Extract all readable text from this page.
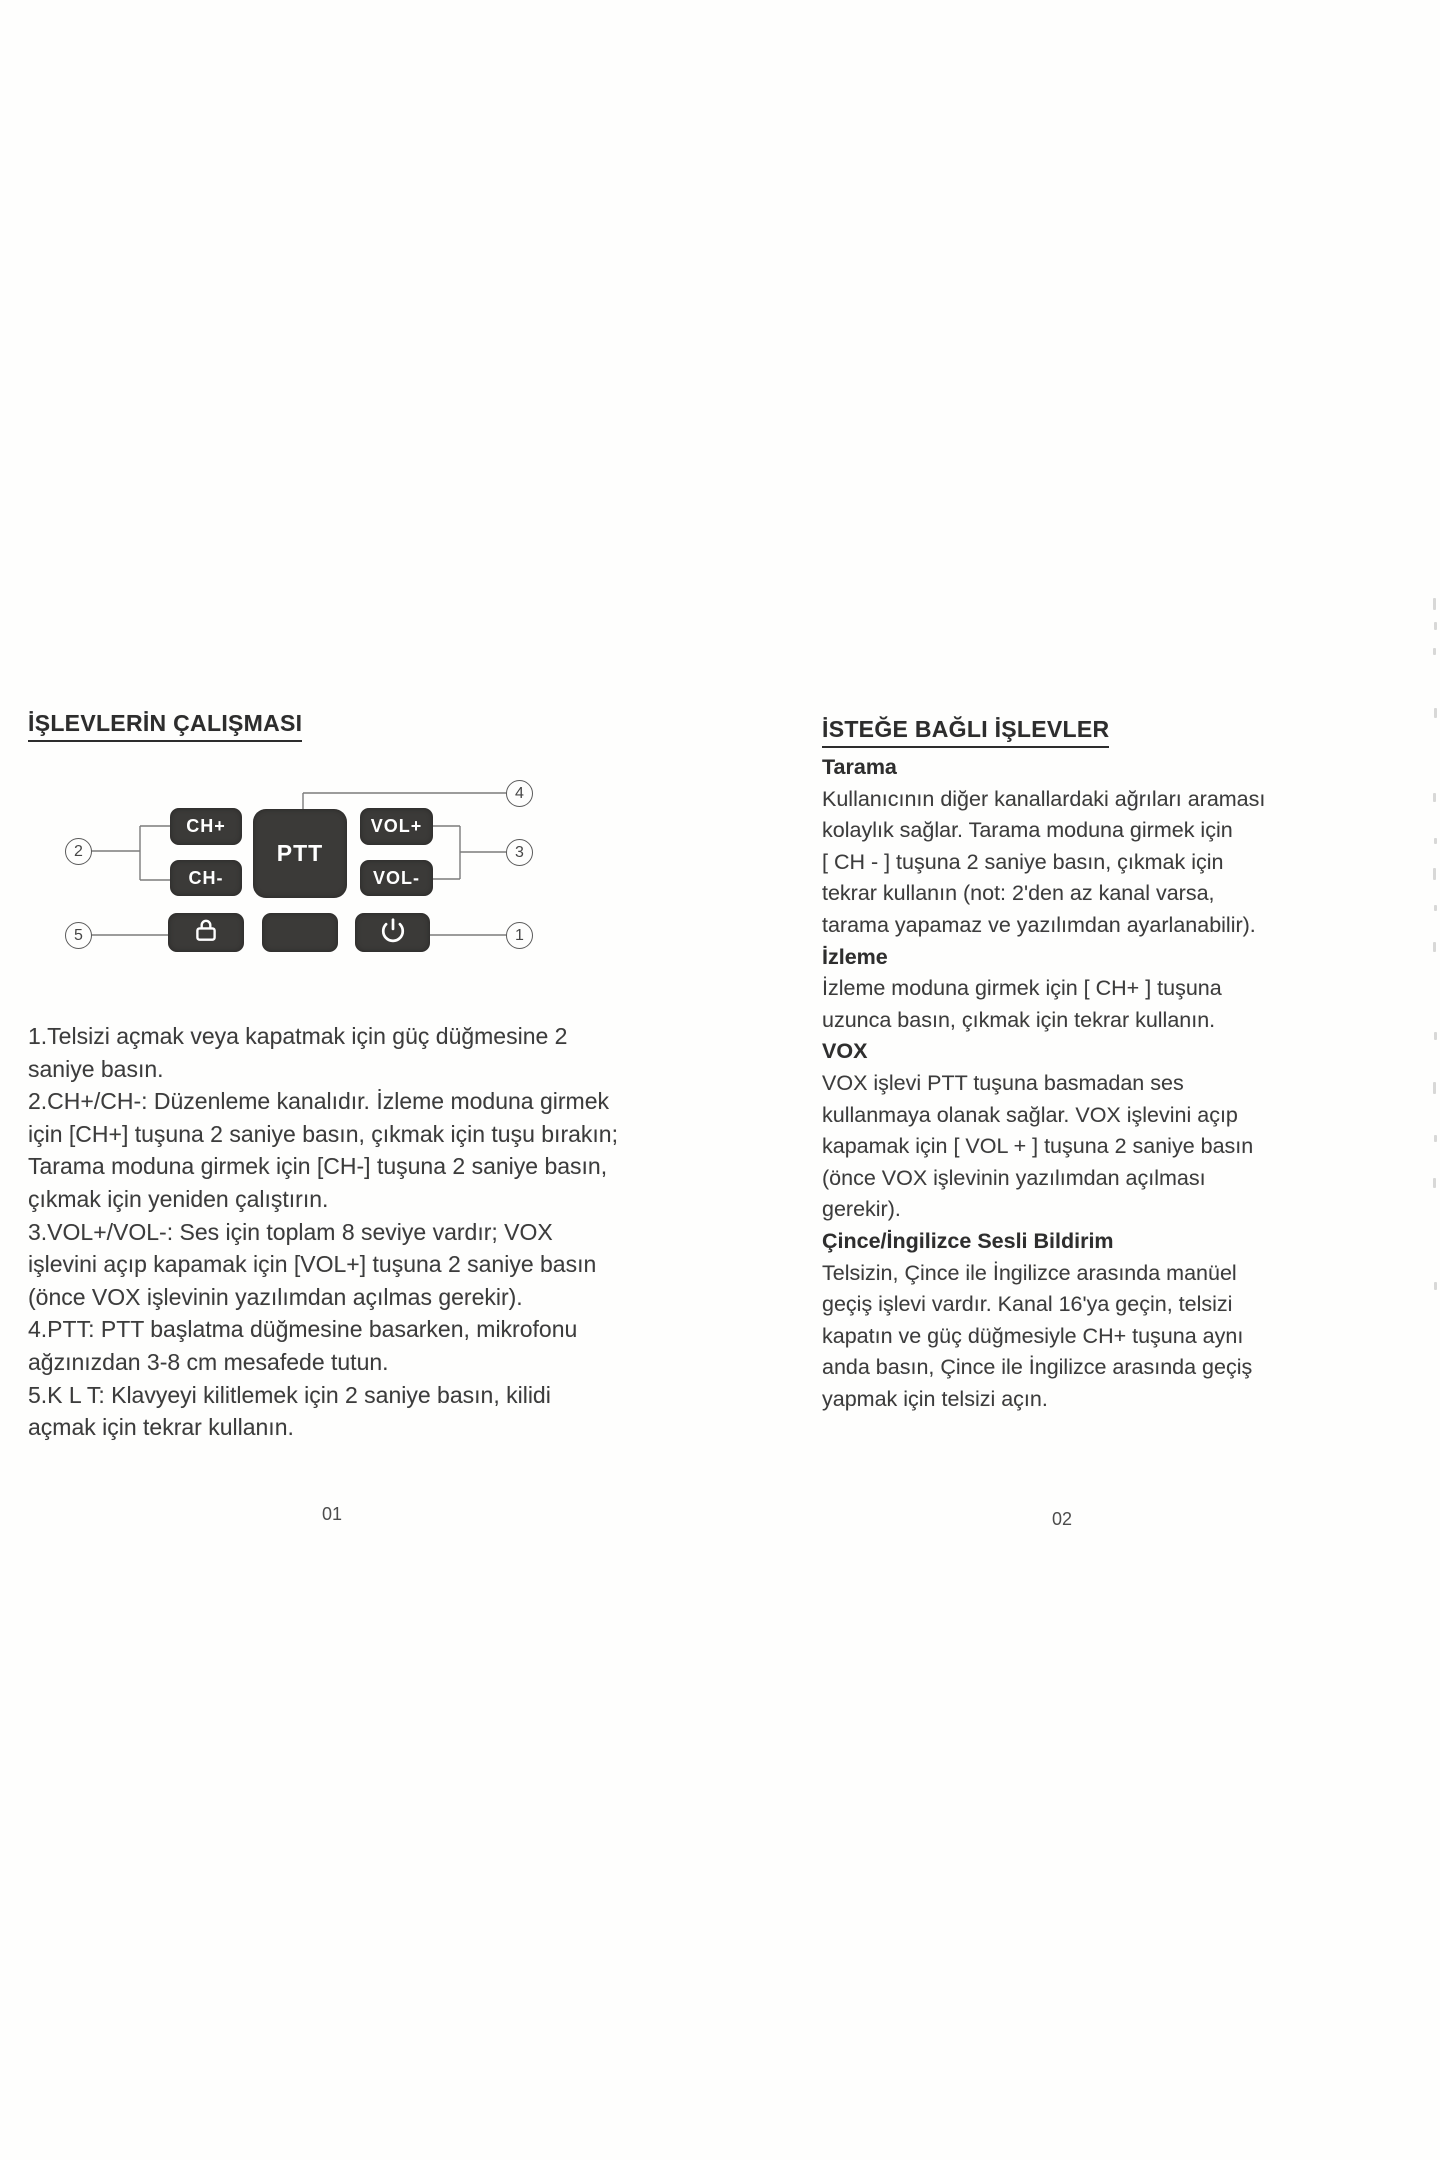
İŞLEVLERİN ÇALIŞMASI
CH+
PTT
VOL+
CH-	VOL-
2
4
3
5	1
1.Telsizi açmak veya kapatmak için güç düğmesine 2
saniye basın.
2.CH+/CH-: Düzenleme kanalıdır. İzleme moduna girmek
için [CH+] tuşuna 2 saniye basın, çıkmak için tuşu bırakın;
Tarama moduna girmek için [CH-] tuşuna 2 saniye basın,
çıkmak için yeniden çalıştırın.
3.VOL+/VOL-: Ses için toplam 8 seviye vardır; VOX
işlevini açıp kapamak için [VOL+] tuşuna 2 saniye basın
(önce VOX işlevinin yazılımdan açılmas gerekir).
4.PTT: PTT başlatma düğmesine basarken, mikrofonu
ağzınızdan 3-8 cm mesafede tutun.
5.K L T: Klavyeyi kilitlemek için 2 saniye basın, kilidi
açmak için tekrar kullanın.
01
İSTEĞE BAĞLI İŞLEVLER
Tarama
Kullanıcının diğer kanallardaki ağrıları araması
kolaylık sağlar. Tarama moduna girmek için
[ CH - ] tuşuna 2 saniye basın, çıkmak için
tekrar kullanın (not: 2'den az kanal varsa,
tarama yapamaz ve yazılımdan ayarlanabilir).
İzleme
İzleme moduna girmek için [ CH+ ] tuşuna
uzunca basın, çıkmak için tekrar kullanın.
VOX
VOX işlevi PTT tuşuna basmadan ses
kullanmaya olanak sağlar. VOX işlevini açıp
kapamak için [ VOL + ] tuşuna 2 saniye basın
(önce VOX işlevinin yazılımdan açılması
gerekir).
Çince/İngilizce Sesli Bildirim
Telsizin, Çince ile İngilizce arasında manüel
geçiş işlevi vardır. Kanal 16'ya geçin, telsizi
kapatın ve güç düğmesiyle CH+ tuşuna aynı
anda basın, Çince ile İngilizce arasında geçiş
yapmak için telsizi açın.
02
